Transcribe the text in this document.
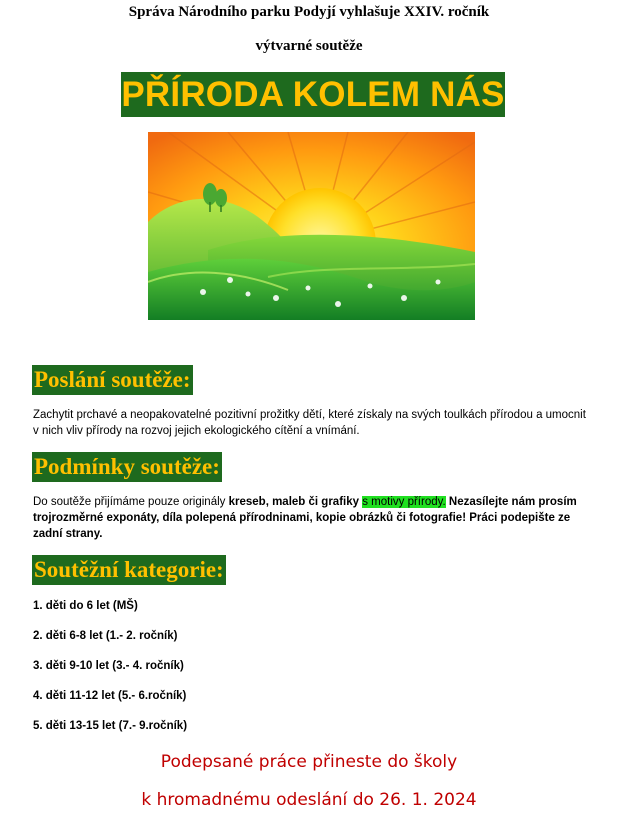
Správa Národního parku Podyjí vyhlašuje XXIV. ročník
výtvarné soutěže
PŘÍRODA KOLEM NÁS
Poslání soutěže:
Zachytit prchavé a neopakovatelné pozitivní prožitky dětí, které získaly na svých toulkách přírodou a umocnit v nich vliv přírody na rozvoj jejich ekologického cítění a vnímání.
Podmínky soutěže:
Do soutěže přijímáme pouze originály kreseb, maleb či grafiky s motivy přírody. Nezasílejte nám prosím trojrozměrné exponáty, díla polepená přírodninami, kopie obrázků či fotografie! Práci podepište ze zadní strany.
Soutěžní kategorie:
1. děti do 6 let (MŠ)
2. děti 6-8 let (1.- 2. ročník)
3. děti 9-10 let (3.- 4. ročník)
4. děti 11-12 let (5.- 6.ročník)
5. děti 13-15 let (7.- 9.ročník)
Podepsané práce přineste do školy
k hromadnému odeslání do 26. 1. 2024
